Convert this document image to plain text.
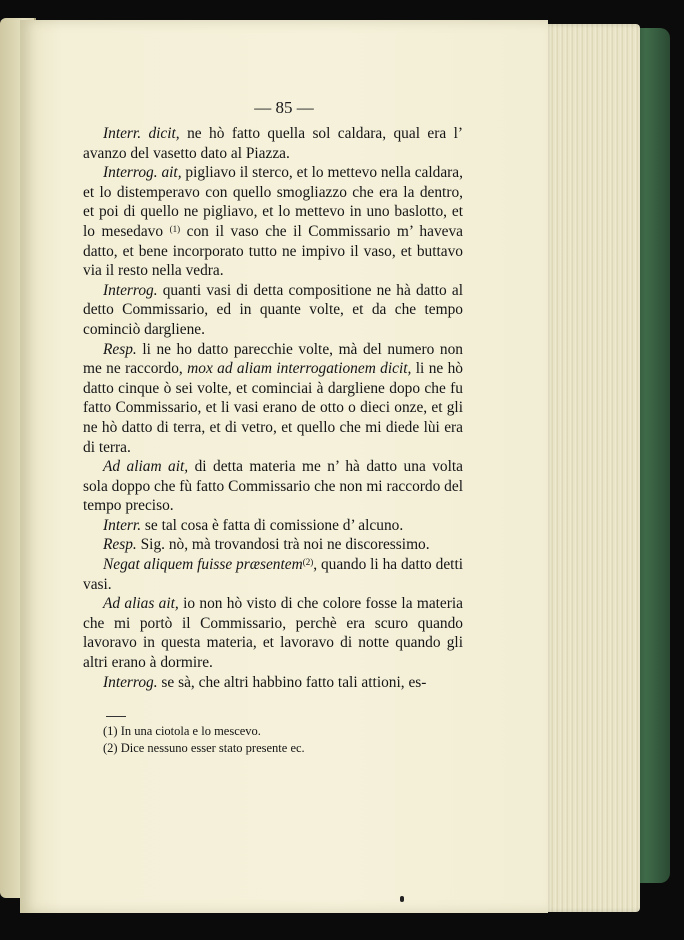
— 85 —

Interr. dicit, ne hò fatto quella sol caldara, qual era l’ avanzo del vasetto dato al Piazza.

Interrog. ait, pigliavo il sterco, et lo mettevo nella caldara, et lo distemperavo con quello smogliazzo che era la dentro, et poi di quello ne pigliavo, et lo mettevo in uno baslotto, et lo mesedavo $^{(1)}$ con il vaso che il Commissario m’ haveva datto, et bene incorporato tutto ne impivo il vaso, et buttavo via il resto nella vedra.

Interrog. quanti vasi di detta compositione ne hà datto al detto Commissario, ed in quante volte, et da che tempo cominciò dargliene.

Resp. li ne ho datto parecchie volte, mà del numero non me ne raccordo, mox ad aliam interrogationem dicit, li ne hò datto cinque ò sei volte, et cominciai à dargliene dopo che fu fatto Commissario, et li vasi erano de otto o dieci onze, et gli ne hò datto di terra, et di vetro, et quello che mi diede lùi era di terra.

Ad aliam ait, di detta materia me n’ hà datto una volta sola doppo che fù fatto Commissario che non mi raccordo del tempo preciso.

Interr. se tal cosa è fatta di comissione d’ alcuno.

Resp. Sig. nò, mà trovandosi trà noi ne discoressimo.

Negat aliquem fuisse præsentem$^{(2)}$, quando li ha datto detti vasi.

Ad alias ait, io non hò visto di che colore fosse la materia che mi portò il Commissario, perchè era scuro quando lavoravo in questa materia, et lavoravo di notte quando gli altri erano à dormire.

Interrog. se sà, che altri habbino fatto tali attioni, es-

(1) In una ciotola e lo mescevo.
(2) Dice nessuno esser stato presente ec.
